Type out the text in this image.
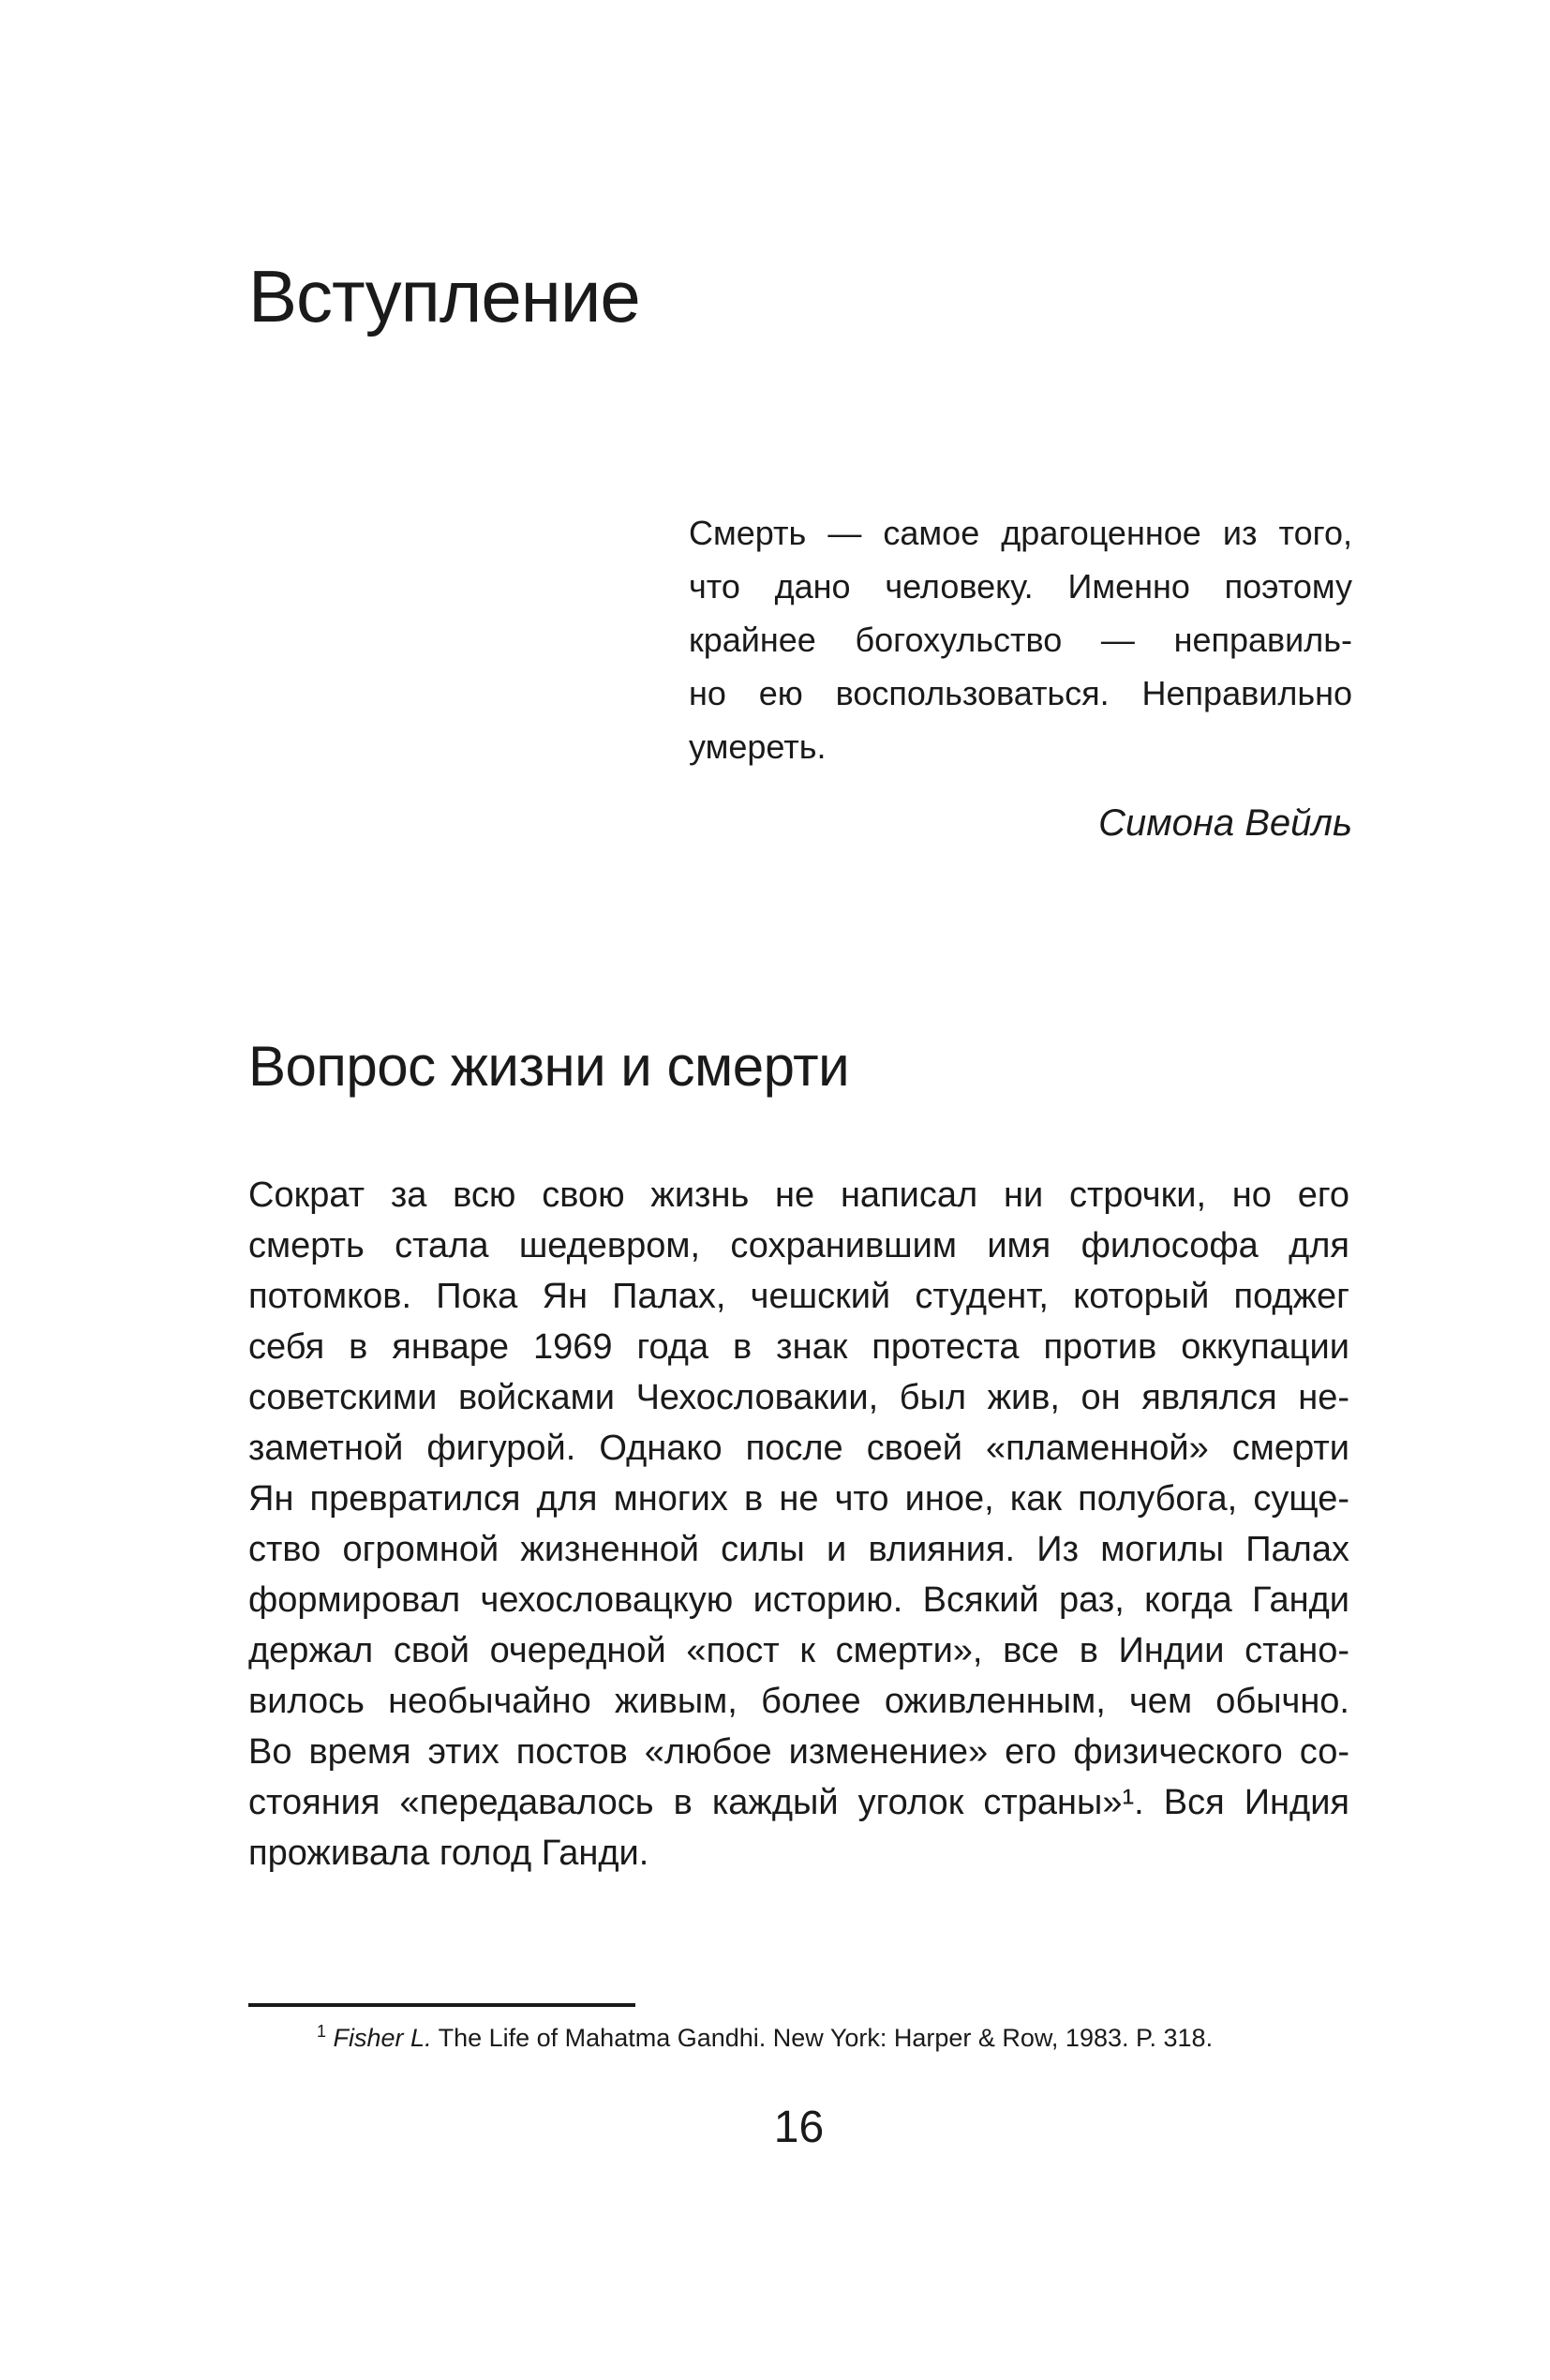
Вступление
Смерть — самое драгоценное из того,
что дано человеку. Именно поэтому
крайнее богохульство — неправиль-
но ею воспользоваться. Неправильно
умереть.
Симона Вейль
Вопрос жизни и смерти
Сократ за всю свою жизнь не написал ни строчки, но его
смерть стала шедевром, сохранившим имя философа для
потомков. Пока Ян Палах, чешский студент, который поджег
себя в январе 1969 года в знак протеста против оккупации
советскими войсками Чехословакии, был жив, он являлся не-
заметной фигурой. Однако после своей «пламенной» смерти
Ян превратился для многих в не что иное, как полубога, суще-
ство огромной жизненной силы и влияния. Из могилы Палах
формировал чехословацкую историю. Всякий раз, когда Ганди
держал свой очередной «пост к смерти», все в Индии стано-
вилось необычайно живым, более оживленным, чем обычно.
Во время этих постов «любое изменение» его физического со-
стояния «передавалось в каждый уголок страны»¹. Вся Индия
проживала голод Ганди.
$^1$ Fisher L. The Life of Mahatma Gandhi. New York: Harper & Row, 1983. P. 318.
16
